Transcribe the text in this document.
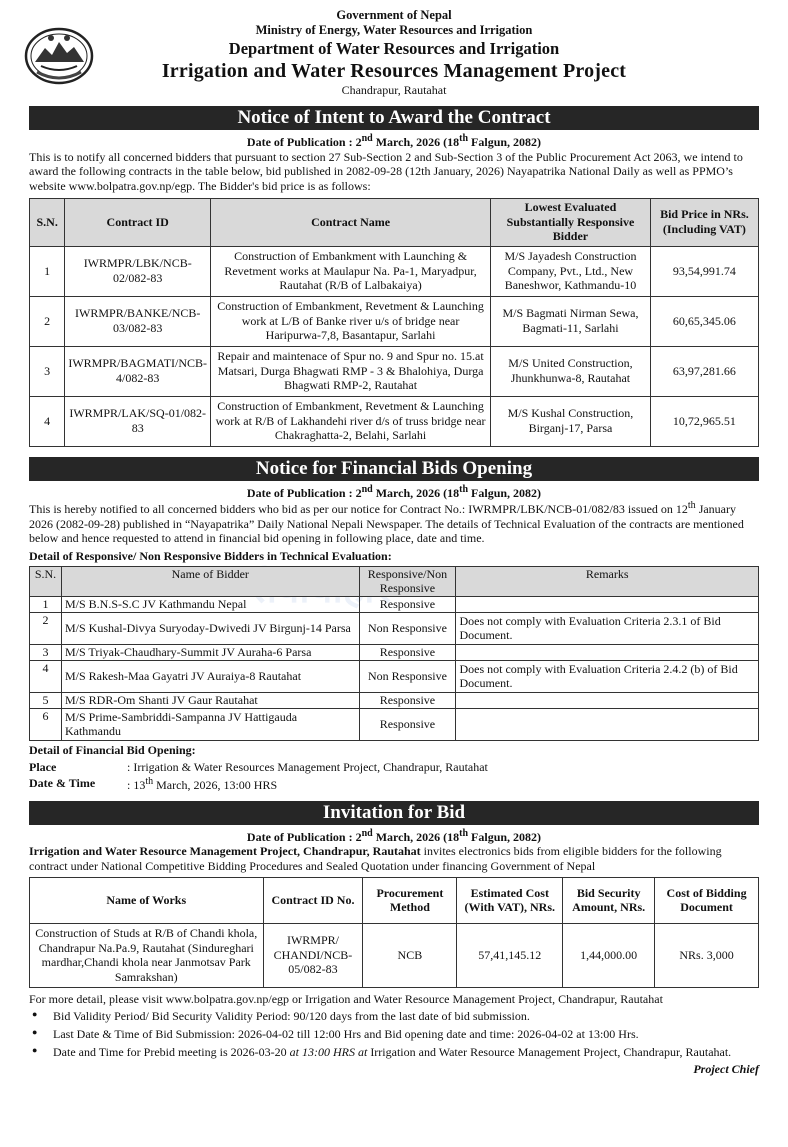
Government of Nepal
Ministry of Energy, Water Resources and Irrigation
Department of Water Resources and Irrigation
Irrigation and Water Resources Management Project
Chandrapur, Rautahat
Notice of Intent to Award the Contract
Date of Publication : 2nd March, 2026 (18th Falgun, 2082)
This is to notify all concerned bidders that pursuant to section 27 Sub-Section 2 and Sub-Section 3 of the Public Procurement Act 2063, we intend to award the following contracts in the table below, bid published in 2082-09-28 (12th January, 2026) Nayapatrika National Daily as well as PPMO’s website www.bolpatra.gov.np/egp. The Bidder's bid price is as follows:
S.N.	Contract ID	Contract Name	Lowest Evaluated Substantially Responsive Bidder	Bid Price in NRs. (Including VAT)
1	IWRMPR/LBK/NCB-02/082-83	Construction of Embankment with Launching & Revetment works at Maulapur Na. Pa-1, Maryadpur, Rautahat (R/B of Lalbakaiya)	M/S Jayadesh Construction Company, Pvt., Ltd., New Baneshwor, Kathmandu-10	93,54,991.74
2	IWRMPR/BANKE/NCB-03/082-83	Construction of Embankment, Revetment & Launching work at L/B of Banke river u/s of bridge near Haripurwa-7,8, Basantapur, Sarlahi	M/S Bagmati Nirman Sewa, Bagmati-11, Sarlahi	60,65,345.06
3	IWRMPR/BAGMATI/NCB-4/082-83	Repair and maintenace of Spur no. 9 and Spur no. 15.at Matsari, Durga Bhagwati RMP - 3 & Bhalohiya, Durga Bhagwati RMP-2, Rautahat	M/S United Construction, Jhunkhunwa-8, Rautahat	63,97,281.66
4	IWRMPR/LAK/SQ-01/082-83	Construction of Embankment, Revetment & Launching work at R/B of Lakhandehi river d/s of truss bridge near Chakraghatta-2, Belahi, Sarlahi	M/S Kushal Construction, Birganj-17, Parsa	10,72,965.51
Notice for Financial Bids Opening
Date of Publication : 2nd March, 2026 (18th Falgun, 2082)
This is hereby notified to all concerned bidders who bid as per our notice for Contract No.: IWRMPR/LBK/NCB-01/082/83 issued on 12th January 2026 (2082-09-28) published in “Nayapatrika” Daily National Nepali Newspaper. The details of Technical Evaluation of the contracts are mentioned below and hence requested to attend in financial bid opening in following place, date and time.
Detail of Responsive/ Non Responsive Bidders in Technical Evaluation:
S.N.	Name of Bidder	Responsive/Non Responsive	Remarks
1	M/S B.N.S-S.C JV Kathmandu Nepal	Responsive	
2	M/S Kushal-Divya Suryoday-Dwivedi JV Birgunj-14 Parsa	Non Responsive	Does not comply with Evaluation Criteria 2.3.1 of Bid Document.
3	M/S Triyak-Chaudhary-Summit JV Auraha-6 Parsa	Responsive	
4	M/S Rakesh-Maa Gayatri JV Auraiya-8 Rautahat	Non Responsive	Does not comply with Evaluation Criteria 2.4.2 (b) of Bid Document.
5	M/S RDR-Om Shanti JV Gaur Rautahat	Responsive	
6	M/S Prime-Sambriddi-Sampanna JV Hattigauda Kathmandu	Responsive	
Detail of Financial Bid Opening:
Place	: Irrigation & Water Resources Management Project, Chandrapur, Rautahat
Date & Time	: 13th March, 2026, 13:00 HRS
Invitation for Bid
Date of Publication : 2nd March, 2026 (18th Falgun, 2082)
Irrigation and Water Resource Management Project, Chandrapur, Rautahat invites electronics bids from eligible bidders for the following contract under National Competitive Bidding Procedures and Sealed Quotation under financing Government of Nepal
Name of Works	Contract ID No.	Procurement Method	Estimated Cost (With VAT), NRs.	Bid Security Amount, NRs.	Cost of Bidding Document
Construction of Studs at R/B of Chandi khola, Chandrapur Na.Pa.9, Rautahat (Sindureghari mardhar,Chandi khola near Janmotsav Park Samrakshan)	IWRMPR/ CHANDI/NCB-05/082-83	NCB	57,41,145.12	1,44,000.00	NRs. 3,000
For more detail, please visit www.bolpatra.gov.np/egp or Irrigation and Water Resource Management Project, Chandrapur, Rautahat
● Bid Validity Period/ Bid Security Validity Period: 90/120 days from the last date of bid submission.
● Last Date & Time of Bid Submission: 2026-04-02 till 12:00 Hrs and Bid opening date and time: 2026-04-02 at 13:00 Hrs.
● Date and Time for Prebid meeting is 2026-03-20 at 13:00 HRS at Irrigation and Water Resource Management Project, Chandrapur, Rautahat.
Project Chief
